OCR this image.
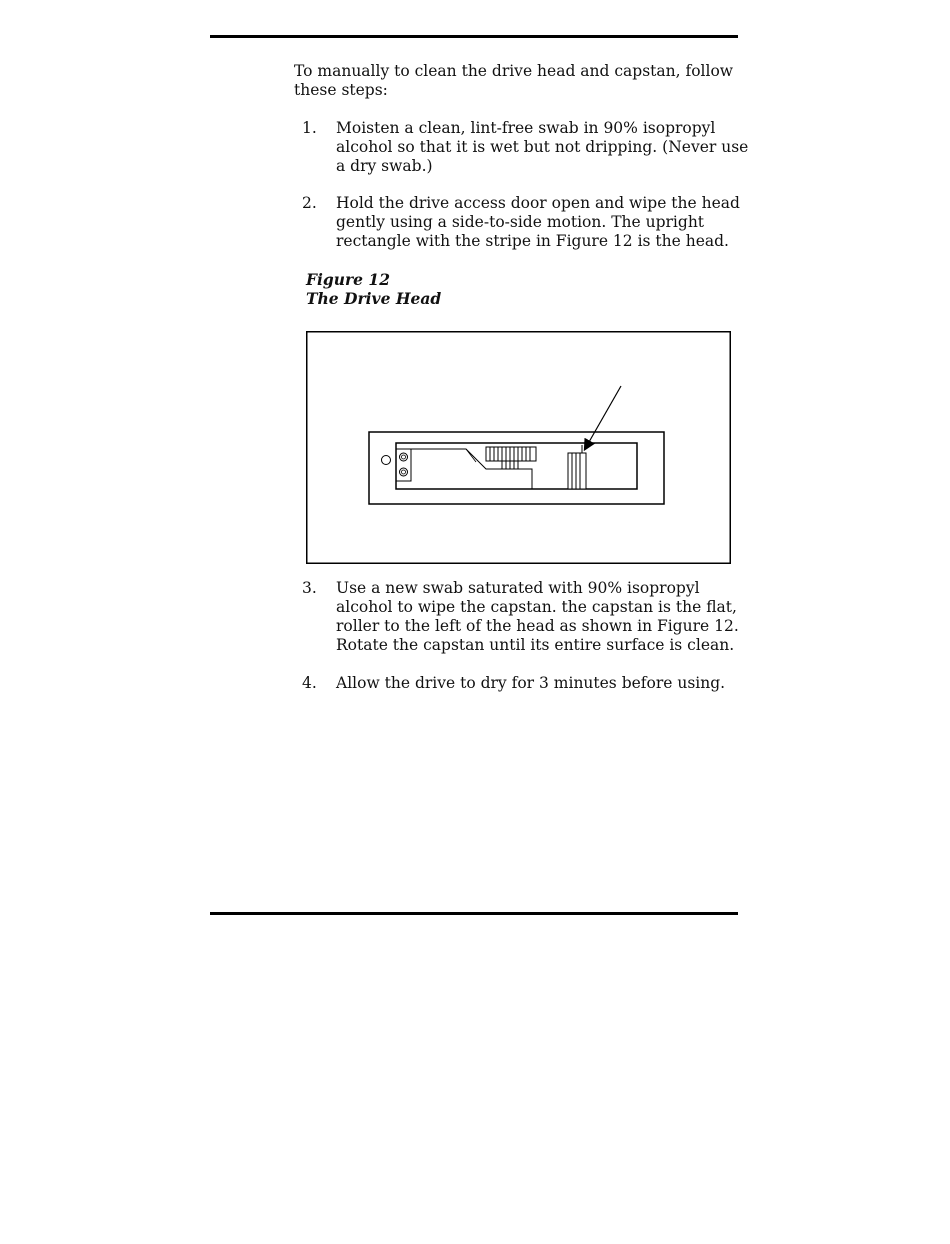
To manually to clean the drive head and capstan, follow
these steps:
1. Moisten a clean, lint-free swab in 90% isopropyl
alcohol so that it is wet but not dripping. (Never use
a dry swab.)
2. Hold the drive access door open and wipe the head
gently using a side-to-side motion. The upright
rectangle with the stripe in Figure 12 is the head.
Figure 12
The Drive Head
3. Use a new swab saturated with 90% isopropyl
alcohol to wipe the capstan. the capstan is the flat,
roller to the left of the head as shown in Figure 12.
Rotate the capstan until its entire surface is clean.
4. Allow the drive to dry for 3 minutes before using.
